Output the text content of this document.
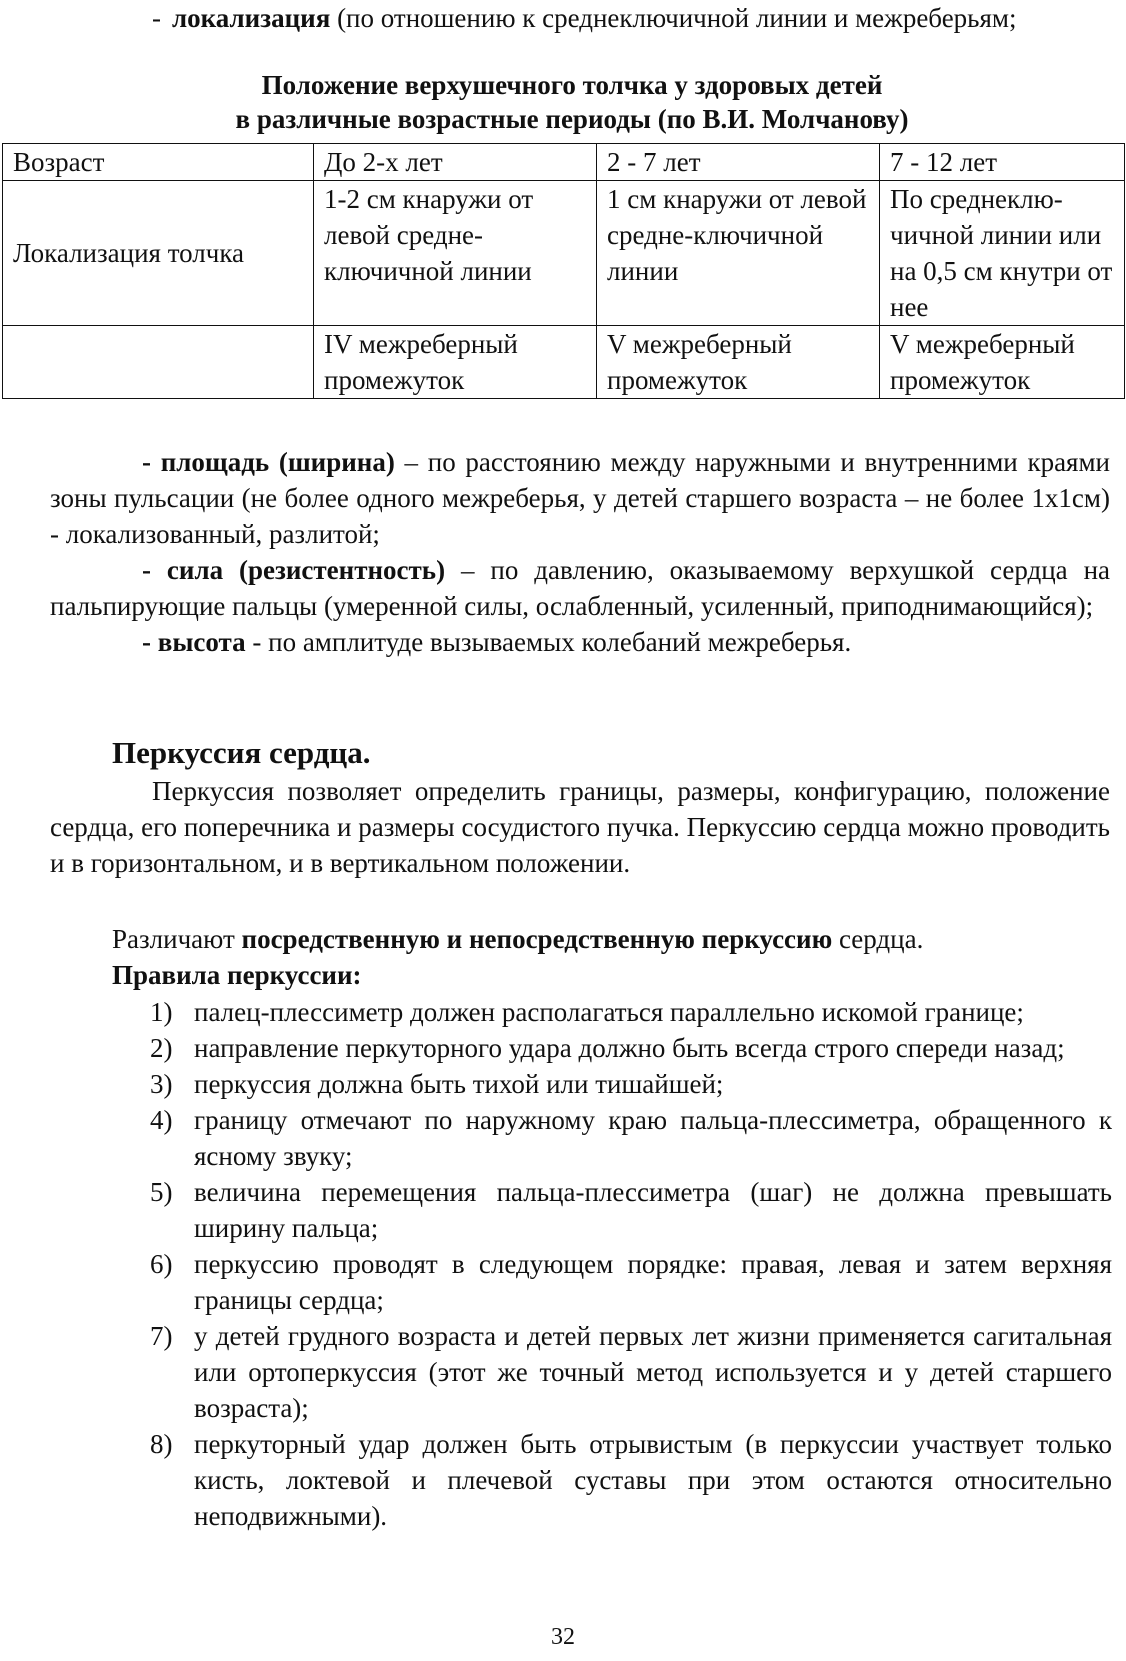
- локализация (по отношению к среднеключичной линии и межреберьям;

Положение верхушечного толчка у здоровых детей
в различные возрастные периоды (по В.И. Молчанову)
Возраст	До 2-х лет	2 - 7 лет	7 - 12 лет
Локализация толчка	1-2 см кнаружи от левой средне-ключичной линии	1 см кнаружи от левой средне-ключичной линии	По среднеклю-чичной линии или на 0,5 см кнутри от нее
	IV межреберный промежуток	V межреберный промежуток	V межреберный промежуток

- площадь (ширина) – по расстоянию между наружными и внутренними краями зоны пульсации (не более одного межреберья, у детей старшего возраста – не более 1х1см) - локализованный, разлитой;

- сила (резистентность) – по давлению, оказываемому верхушкой сердца на пальпирующие пальцы (умеренной силы, ослабленный, усиленный, приподнимающийся);

- высота - по амплитуде вызываемых колебаний межреберья.

Перкуссия сердца.

Перкуссия позволяет определить границы, размеры, конфигурацию, положение сердца, его поперечника и размеры сосудистого пучка. Перкуссию сердца можно проводить и в горизонтальном, и в вертикальном положении.

Различают посредственную и непосредственную перкуссию сердца.

Правила перкуссии:

1) палец-плессиметр должен располагаться параллельно искомой границе;
2) направление перкуторного удара должно быть всегда строго спереди назад;
3) перкуссия должна быть тихой или тишайшей;
4) границу отмечают по наружному краю пальца-плессиметра, обращенного к ясному звуку;
5) величина перемещения пальца-плессиметра (шаг) не должна превышать ширину пальца;
6) перкуссию проводят в следующем порядке: правая, левая и затем верхняя границы сердца;
7) у детей грудного возраста и детей первых лет жизни применяется сагитальная или ортоперкуссия (этот же точный метод используется и у детей старшего возраста);
8) перкуторный удар должен быть отрывистым (в перкуссии участвует только кисть, локтевой и плечевой суставы при этом остаются относительно неподвижными).
32
